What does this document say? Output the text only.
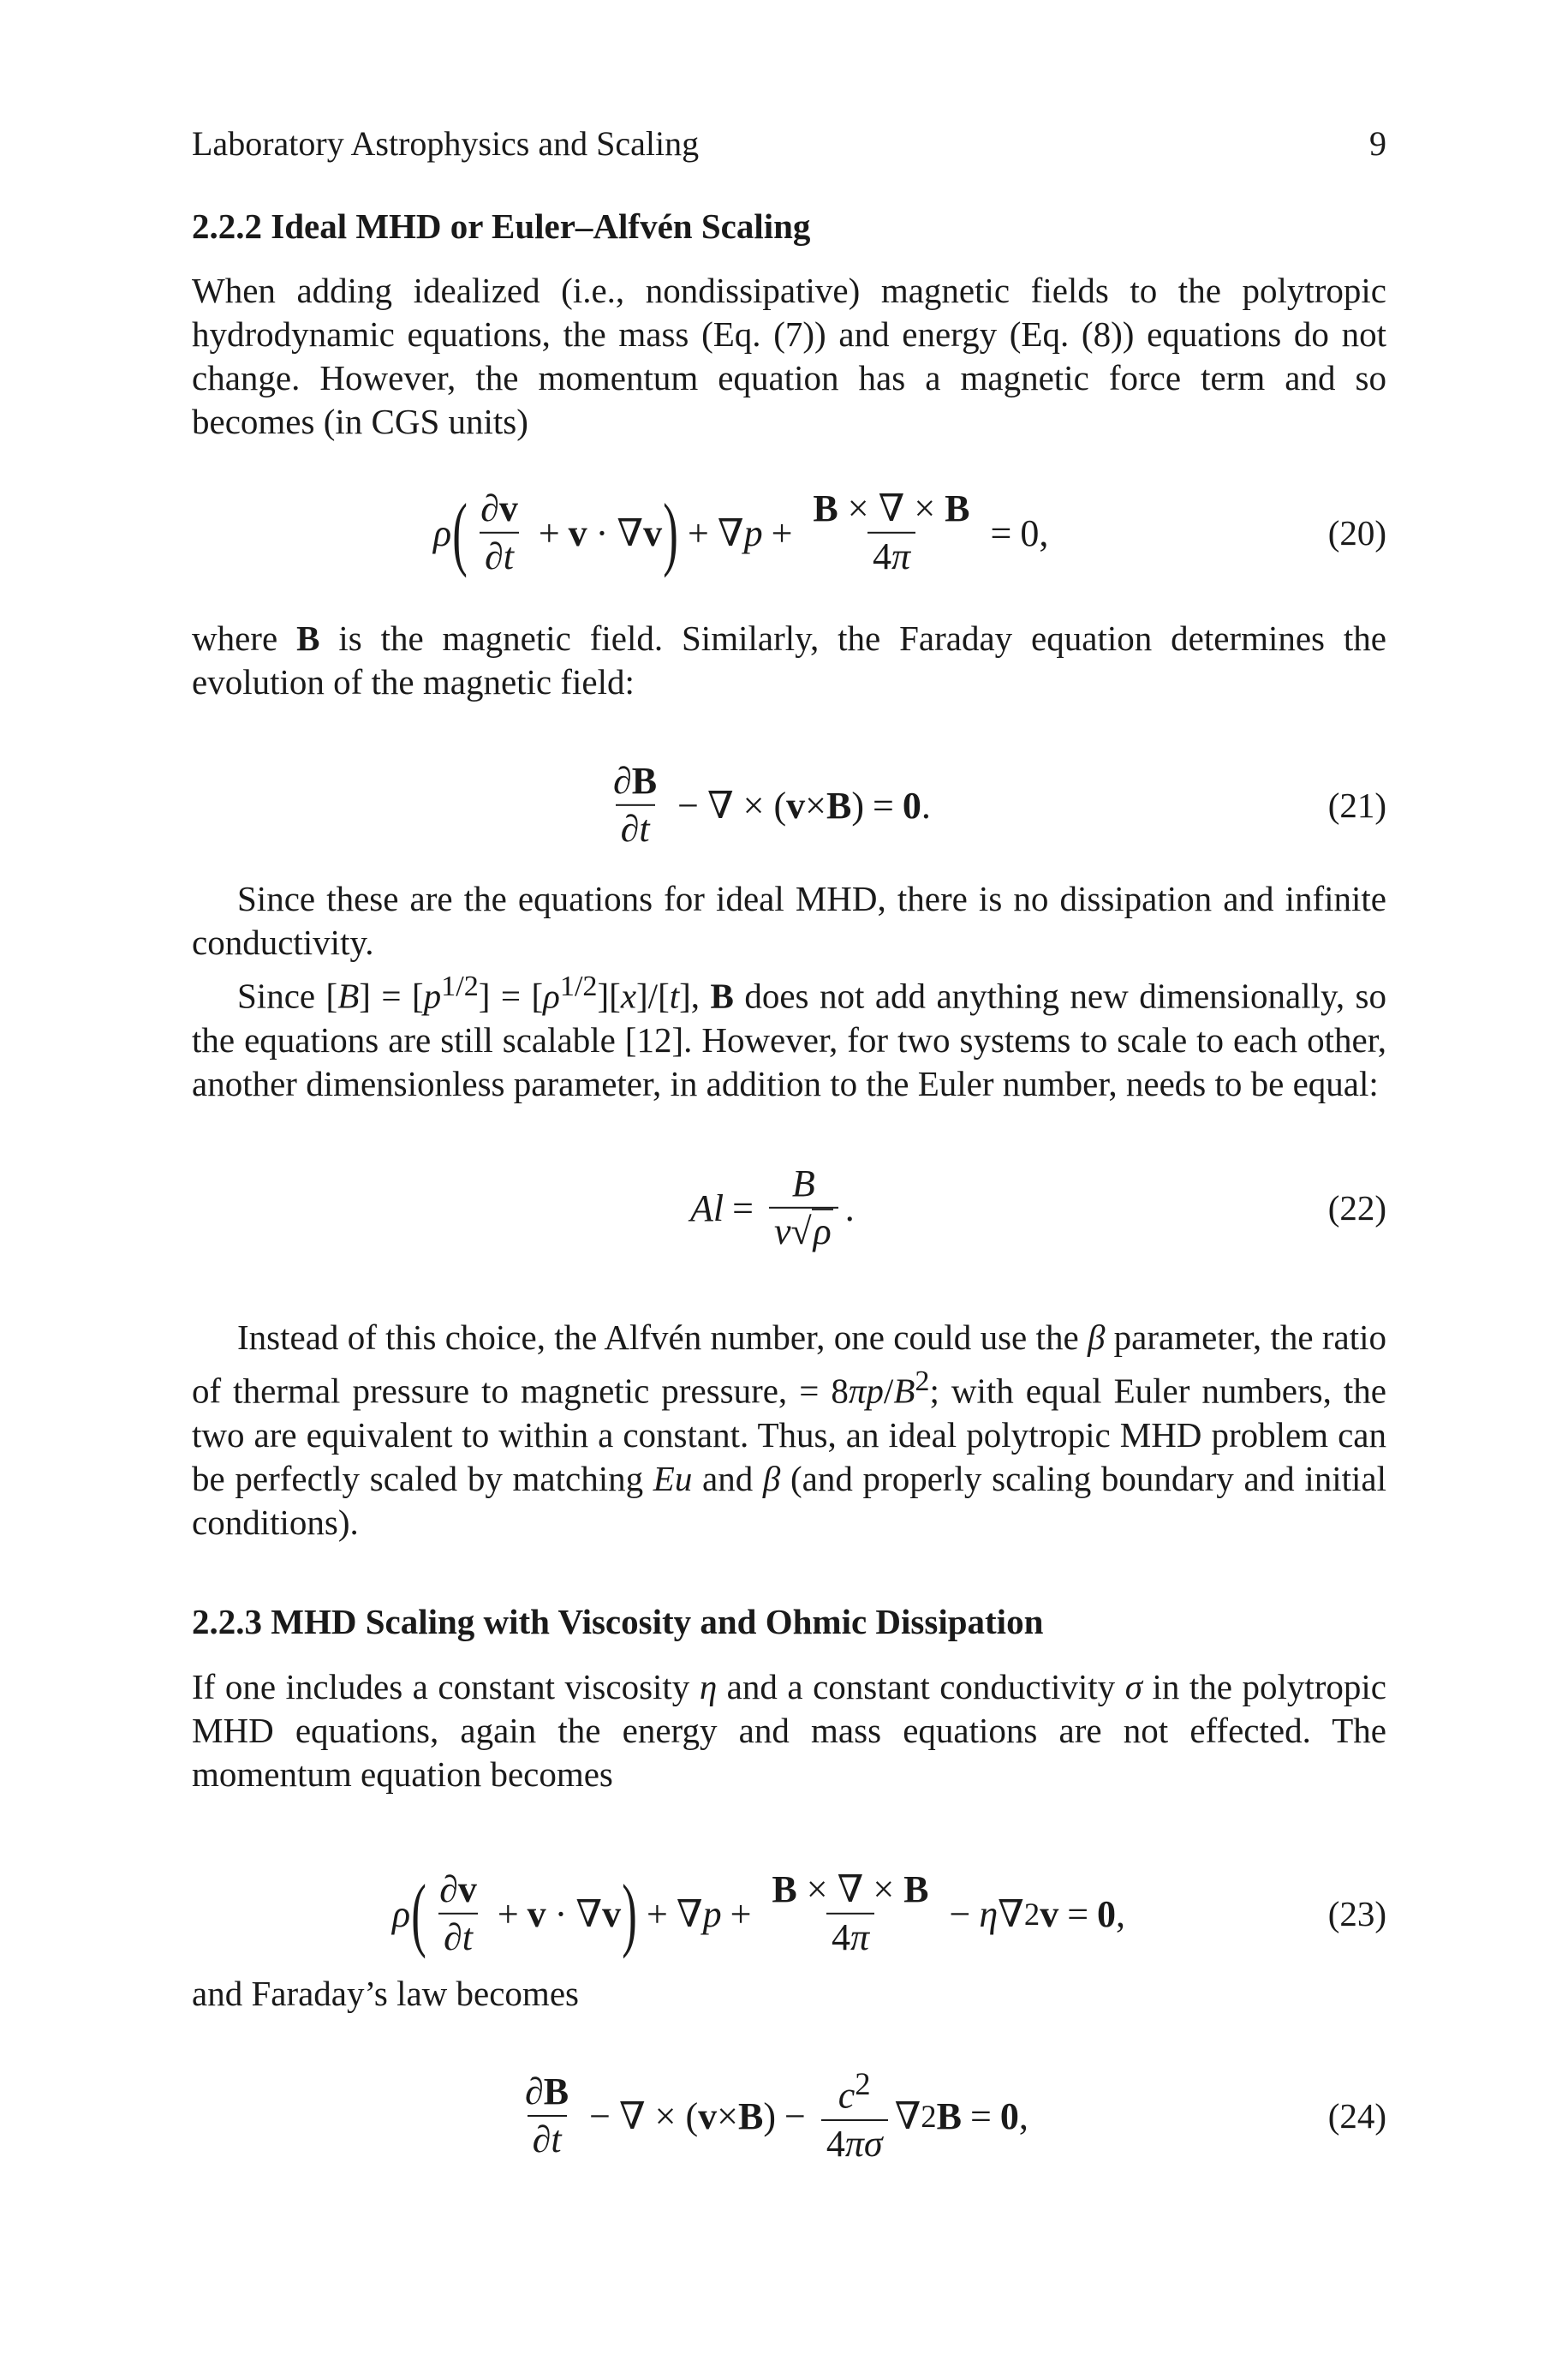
Laboratory Astrophysics and Scaling	9
2.2.2 Ideal MHD or Euler–Alfvén Scaling

When adding idealized (i.e., nondissipative) magnetic fields to the polytropic hydrodynamic equations, the mass (Eq. (7)) and energy (Eq. (8)) equations do not change. However, the momentum equation has a magnetic force term and so becomes (in CGS units)

ρ ( $\frac{\partial v}{\partial t} + v$ · ∇ v ) + ∇ $p + \frac{B \times \nabla \times B}{4\pi} = 0$,	(20)

where B is the magnetic field. Similarly, the Faraday equation determines the evolution of the magnetic field:

$\frac{\partial B}{\partial t}$ − ∇ × ( v × B ) = 0 .	(21)

Since these are the equations for ideal MHD, there is no dissipation and infinite conductivity.

Since $[B] = [p^{1/2}] = [\rho^{1/2}][x]/[t]$, B does not add anything new dimensionally, so the equations are still scalable [12]. However, for two systems to scale to each other, another dimensionless parameter, in addition to the Euler number, needs to be equal:

$Al = \frac{B}{v√\rho}$ .	(22)

Instead of this choice, the Alfvén number, one could use the β parameter, the ratio of thermal pressure to magnetic pressure, = $8\pi p/B^2$; with equal Euler numbers, the two are equivalent to within a constant. Thus, an ideal polytropic MHD problem can be perfectly scaled by matching Eu and β (and properly scaling boundary and initial conditions).

2.2.3 MHD Scaling with Viscosity and Ohmic Dissipation

If one includes a constant viscosity η and a constant conductivity σ in the polytropic MHD equations, again the energy and mass equations are not effected. The momentum equation becomes

ρ ( $\frac{\partial v}{\partial t} + v$ · ∇ v ) + ∇ $p + \frac{B \times \nabla \times B}{4\pi} - \eta$ ∇ 2 v = 0 ,	(23)

and Faraday’s law becomes

$\frac{\partial B}{\partial t}$ − ∇ × ( v × B ) − $\frac{c^2}{4\pi\sigma}$ ∇ 2 B = 0 ,	(24)
